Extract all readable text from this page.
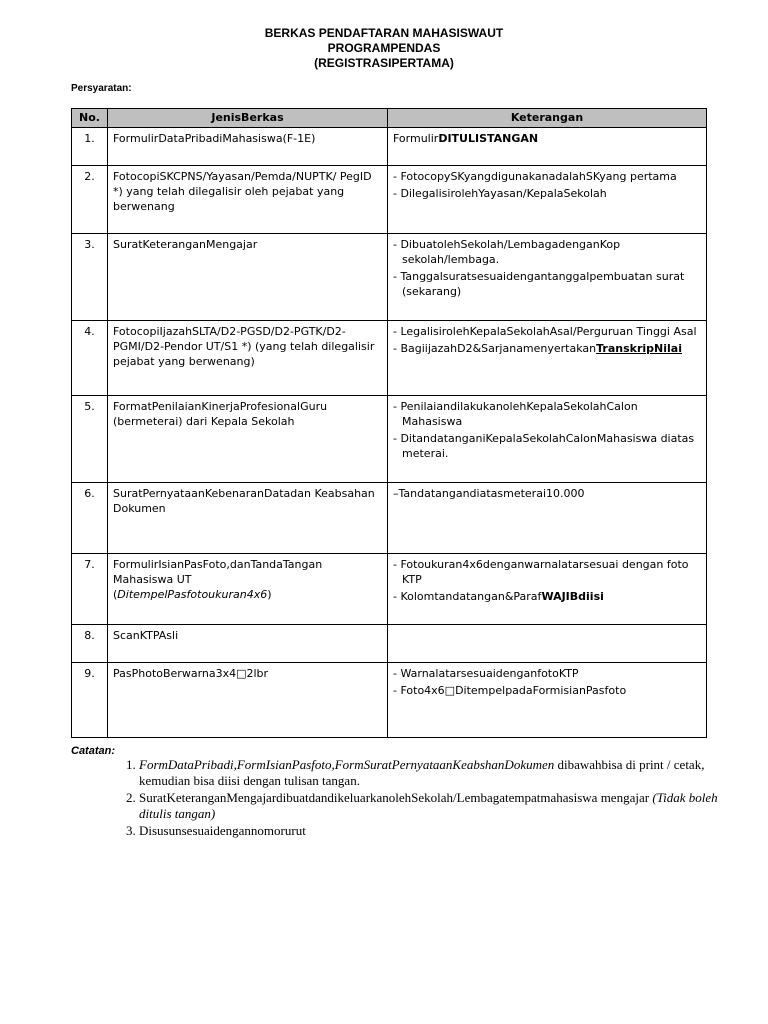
BERKAS PENDAFTARAN MAHASISWAUT
PROGRAMPENDAS
(REGISTRASIPERTAMA)
Persyaratan:
No.	JenisBerkas	Keterangan
1.	FormulirDataPribadiMahasiswa(F-1E)	FormulirDITULISTANGAN
2.	FotocopiSKCPNS/Yayasan/Pemda/NUPTK/ PegID *) yang telah dilegalisir oleh pejabat yang berwenang	- FotocopySKyangdigunakanadalahSKyang pertama
- DilegalisirolehYayasan/KepalaSekolah

3.	SuratKeteranganMengajar	- DibuatolehSekolah/LembagadenganKop sekolah/lembaga.
- Tanggalsuratsesuaidengantanggalpembuatan surat (sekarang)

4.	FotocopiIjazahSLTA/D2-PGSD/D2-PGTK/D2-PGMI/D2-Pendor UT/S1 *) (yang telah dilegalisir pejabat yang berwenang)	- LegalisirolehKepalaSekolahAsal/Perguruan Tinggi Asal
- BagiijazahD2&SarjanamenyertakanTranskripNilai

5.	FormatPenilaianKinerjaProfesionalGuru (bermeterai) dari Kepala Sekolah	- PenilaiandilakukanolehKepalaSekolahCalon Mahasiswa
- DitandatanganiKepalaSekolahCalonMahasiswa diatas meterai.

6.	SuratPernyataanKebenaranDatadan Keabsahan Dokumen	–Tandatangandiatasmeterai10.000

7.	FormulirIsianPasFoto,danTandaTangan Mahasiswa UT
(DitempelPasfotoukuran4x6)	- Fotoukuran4x6denganwarnalatarsesuai dengan foto KTP
- Kolomtandatangan&ParafWAJIBdiisi

8.	ScanKTPAsli	
9.	PasPhotoBerwarna3x4□2lbr	- WarnalatarsesuaidenganfotoKTP
- Foto4x6□DitempelpadaFormisianPasfoto
Catatan:
1. FormDataPribadi,FormIsianPasfoto,FormSuratPernyataanKeabshanDokumen dibawahbisa di print / cetak, kemudian bisa diisi dengan tulisan tangan.
2. SuratKeteranganMengajardibuatdandikeluarkanolehSekolah/Lembagatempatmahasiswa mengajar (Tidak boleh ditulis tangan)
3. Disusunsesuaidengannomorurut
